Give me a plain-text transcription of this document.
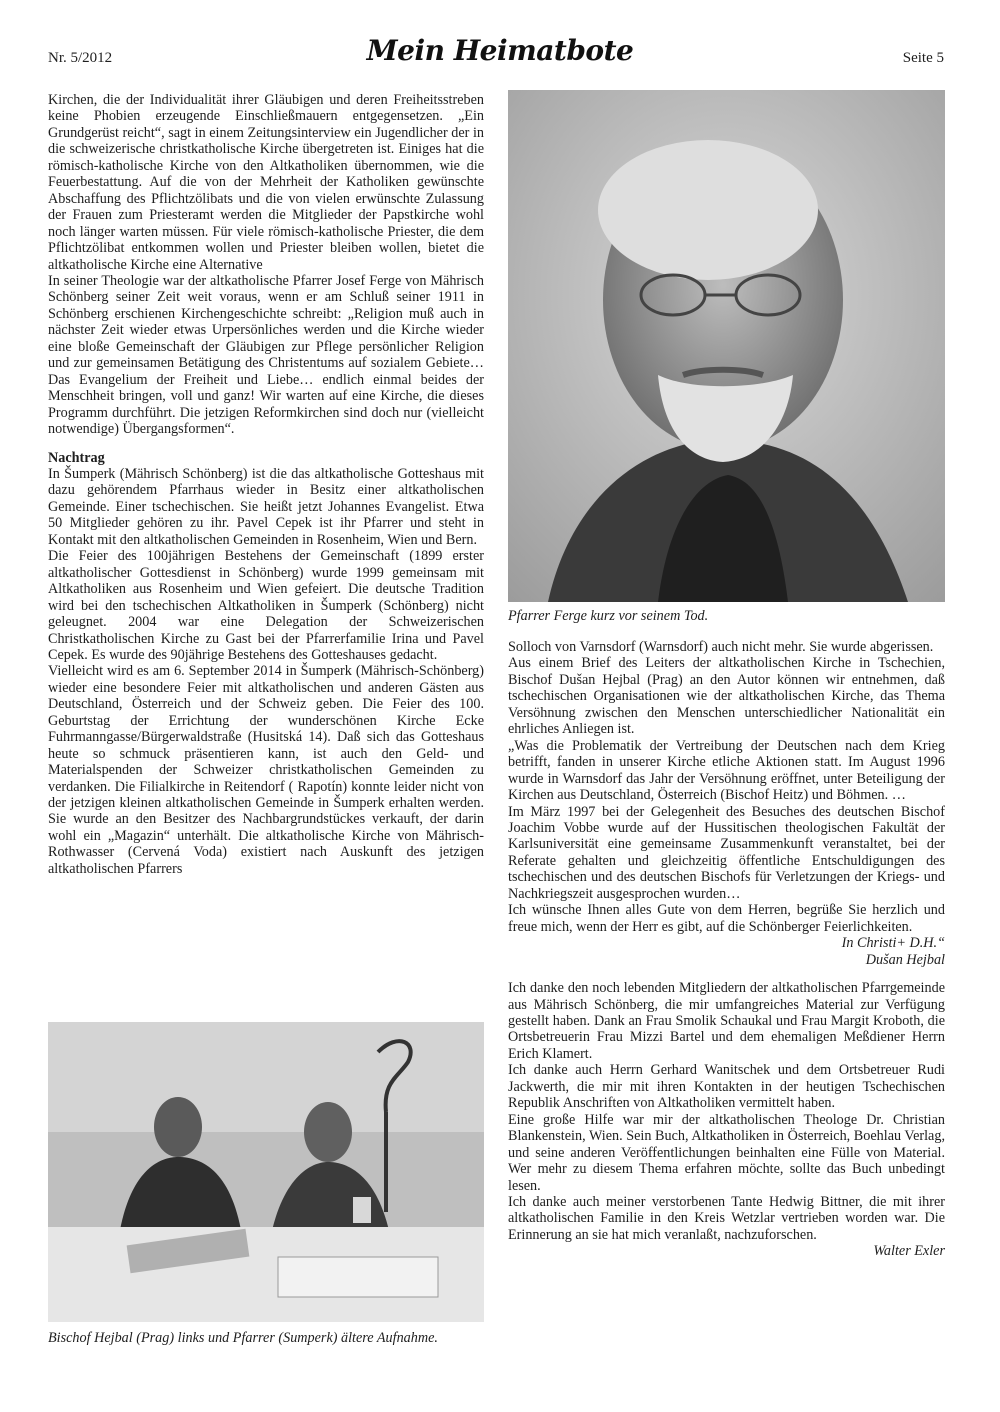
Nr. 5/2012	Mein Heimatbote	Seite 5

Kirchen, die der Individualität ihrer Gläubigen und deren Freiheitsstreben keine Phobien erzeugende Einschließmauern entgegensetzen. „Ein Grundgerüst reicht“, sagt in einem Zeitungsinterview ein Jugendlicher der in die schweizerische christkatholische Kirche übergetreten ist. Einiges hat die römisch-katholische Kirche von den Altkatholiken übernommen, wie die Feuerbestattung. Auf die von der Mehrheit der Katholiken gewünschte Abschaffung des Pflichtzölibats und die von vielen erwünschte Zulassung der Frauen zum Priesteramt werden die Mitglieder der Papstkirche wohl noch länger warten müssen. Für viele römisch-katholische Priester, die dem Pflichtzölibat entkommen wollen und Priester bleiben wollen, bietet die altkatholische Kirche eine Alternative

In seiner Theologie war der altkatholische Pfarrer Josef Ferge von Mährisch Schönberg seiner Zeit weit voraus, wenn er am Schluß seiner 1911 in Schönberg erschienen Kirchengeschichte schreibt: „Religion muß auch in nächster Zeit wieder etwas Urpersönliches werden und die Kirche wieder eine bloße Gemeinschaft der Gläubigen zur Pflege persönlicher Religion und zur gemeinsamen Betätigung des Christentums auf sozialem Gebiete… Das Evangelium der Freiheit und Liebe… endlich einmal beides der Menschheit bringen, voll und ganz! Wir warten auf eine Kirche, die dieses Programm durchführt. Die jetzigen Reformkirchen sind doch nur (vielleicht notwendige) Übergangsformen“.

Nachtrag

In Šumperk (Mährisch Schönberg) ist die das altkatholische Gotteshaus mit dazu gehörendem Pfarrhaus wieder in Besitz einer altkatholischen Gemeinde. Einer tschechischen. Sie heißt jetzt Johannes Evangelist. Etwa 50 Mitglieder gehören zu ihr. Pavel Cepek ist ihr Pfarrer und steht in Kontakt mit den altkatholischen Gemeinden in Rosenheim, Wien und Bern.

Die Feier des 100jährigen Bestehens der Gemeinschaft (1899 erster altkatholischer Gottesdienst in Schönberg) wurde 1999 gemeinsam mit Altkatholiken aus Rosenheim und Wien gefeiert. Die deutsche Tradition wird bei den tschechischen Altkatholiken in Šumperk (Schönberg) nicht geleugnet. 2004 war eine Delegation der Schweizerischen Christkatholischen Kirche zu Gast bei der Pfarrerfamilie Irina und Pavel Cepek. Es wurde des 90jährige Bestehens des Gotteshauses gedacht.

Vielleicht wird es am 6. September 2014 in Šumperk (Mährisch-Schönberg) wieder eine besondere Feier mit altkatholischen und anderen Gästen aus Deutschland, Österreich und der Schweiz geben. Die Feier des 100. Geburtstag der Errichtung der wunderschönen Kirche Ecke Fuhrmanngasse/Bürgerwaldstraße (Husitská 14). Daß sich das Gotteshaus heute so schmuck präsentieren kann, ist auch den Geld- und Materialspenden der Schweizer christkatholischen Gemeinden zu verdanken. Die Filialkirche in Reitendorf ( Rapotín) konnte leider nicht von der jetzigen kleinen altkatholischen Gemeinde in Šumperk erhalten werden. Sie wurde an den Besitzer des Nachbargrundstückes verkauft, der darin wohl ein „Magazin“ unterhält. Die altkatholische Kirche von Mährisch-Rothwasser (Cervená Voda) existiert nach Auskunft des jetzigen altkatholischen Pfarrers

Pfarrer Ferge kurz vor seinem Tod.
Bischof Hejbal (Prag) links und Pfarrer (Sumperk) ältere Aufnahme.

Solloch von Varnsdorf (Warnsdorf) auch nicht mehr. Sie wurde abgerissen.

Aus einem Brief des Leiters der altkatholischen Kirche in Tschechien, Bischof Dušan Hejbal (Prag) an den Autor können wir entnehmen, daß tschechischen Organisationen wie der altkatholischen Kirche, das Thema Versöhnung zwischen den Menschen unterschiedlicher Nationalität ein ehrliches Anliegen ist.

„Was die Problematik der Vertreibung der Deutschen nach dem Krieg betrifft, fanden in unserer Kirche etliche Aktionen statt. Im August 1996 wurde in Warnsdorf das Jahr der Versöhnung eröffnet, unter Beteiligung der Kirchen aus Deutschland, Österreich (Bischof Heitz) und Böhmen. …

Im März 1997 bei der Gelegenheit des Besuches des deutschen Bischof Joachim Vobbe wurde auf der Hussitischen theologischen Fakultät der Karlsuniversität eine gemeinsame Zusammenkunft veranstaltet, bei der Referate gehalten und gleichzeitig öffentliche Entschuldigungen des tschechischen und des deutschen Bischofs für Verletzungen der Kriegs- und Nachkriegszeit ausgesprochen wurden…

Ich wünsche Ihnen alles Gute von dem Herren, begrüße Sie herzlich und freue mich, wenn der Herr es gibt, auf die Schönberger Feierlichkeiten.

In Christi+ D.H.“

Dušan Hejbal

Ich danke den noch lebenden Mitgliedern der altkatholischen Pfarrgemeinde aus Mährisch Schönberg, die mir umfangreiches Material zur Verfügung gestellt haben. Dank an Frau Smolik Schaukal und Frau Margit Kroboth, die Ortsbetreuerin Frau Mizzi Bartel und dem ehemaligen Meßdiener Herrn Erich Klamert.

Ich danke auch Herrn Gerhard Wanitschek und dem Ortsbetreuer Rudi Jackwerth, die mir mit ihren Kontakten in der heutigen Tschechischen Republik Anschriften von Altkatholiken vermittelt haben.

Eine große Hilfe war mir der altkatholischen Theologe Dr. Christian Blankenstein, Wien. Sein Buch, Altkatholiken in Österreich, Boehlau Verlag, und seine anderen Veröffentlichungen beinhalten eine Fülle von Material. Wer mehr zu diesem Thema erfahren möchte, sollte das Buch unbedingt lesen.

Ich danke auch meiner verstorbenen Tante Hedwig Bittner, die mit ihrer altkatholischen Familie in den Kreis Wetzlar vertrieben worden war. Die Erinnerung an sie hat mich veranlaßt, nachzuforschen.

Walter Exler
